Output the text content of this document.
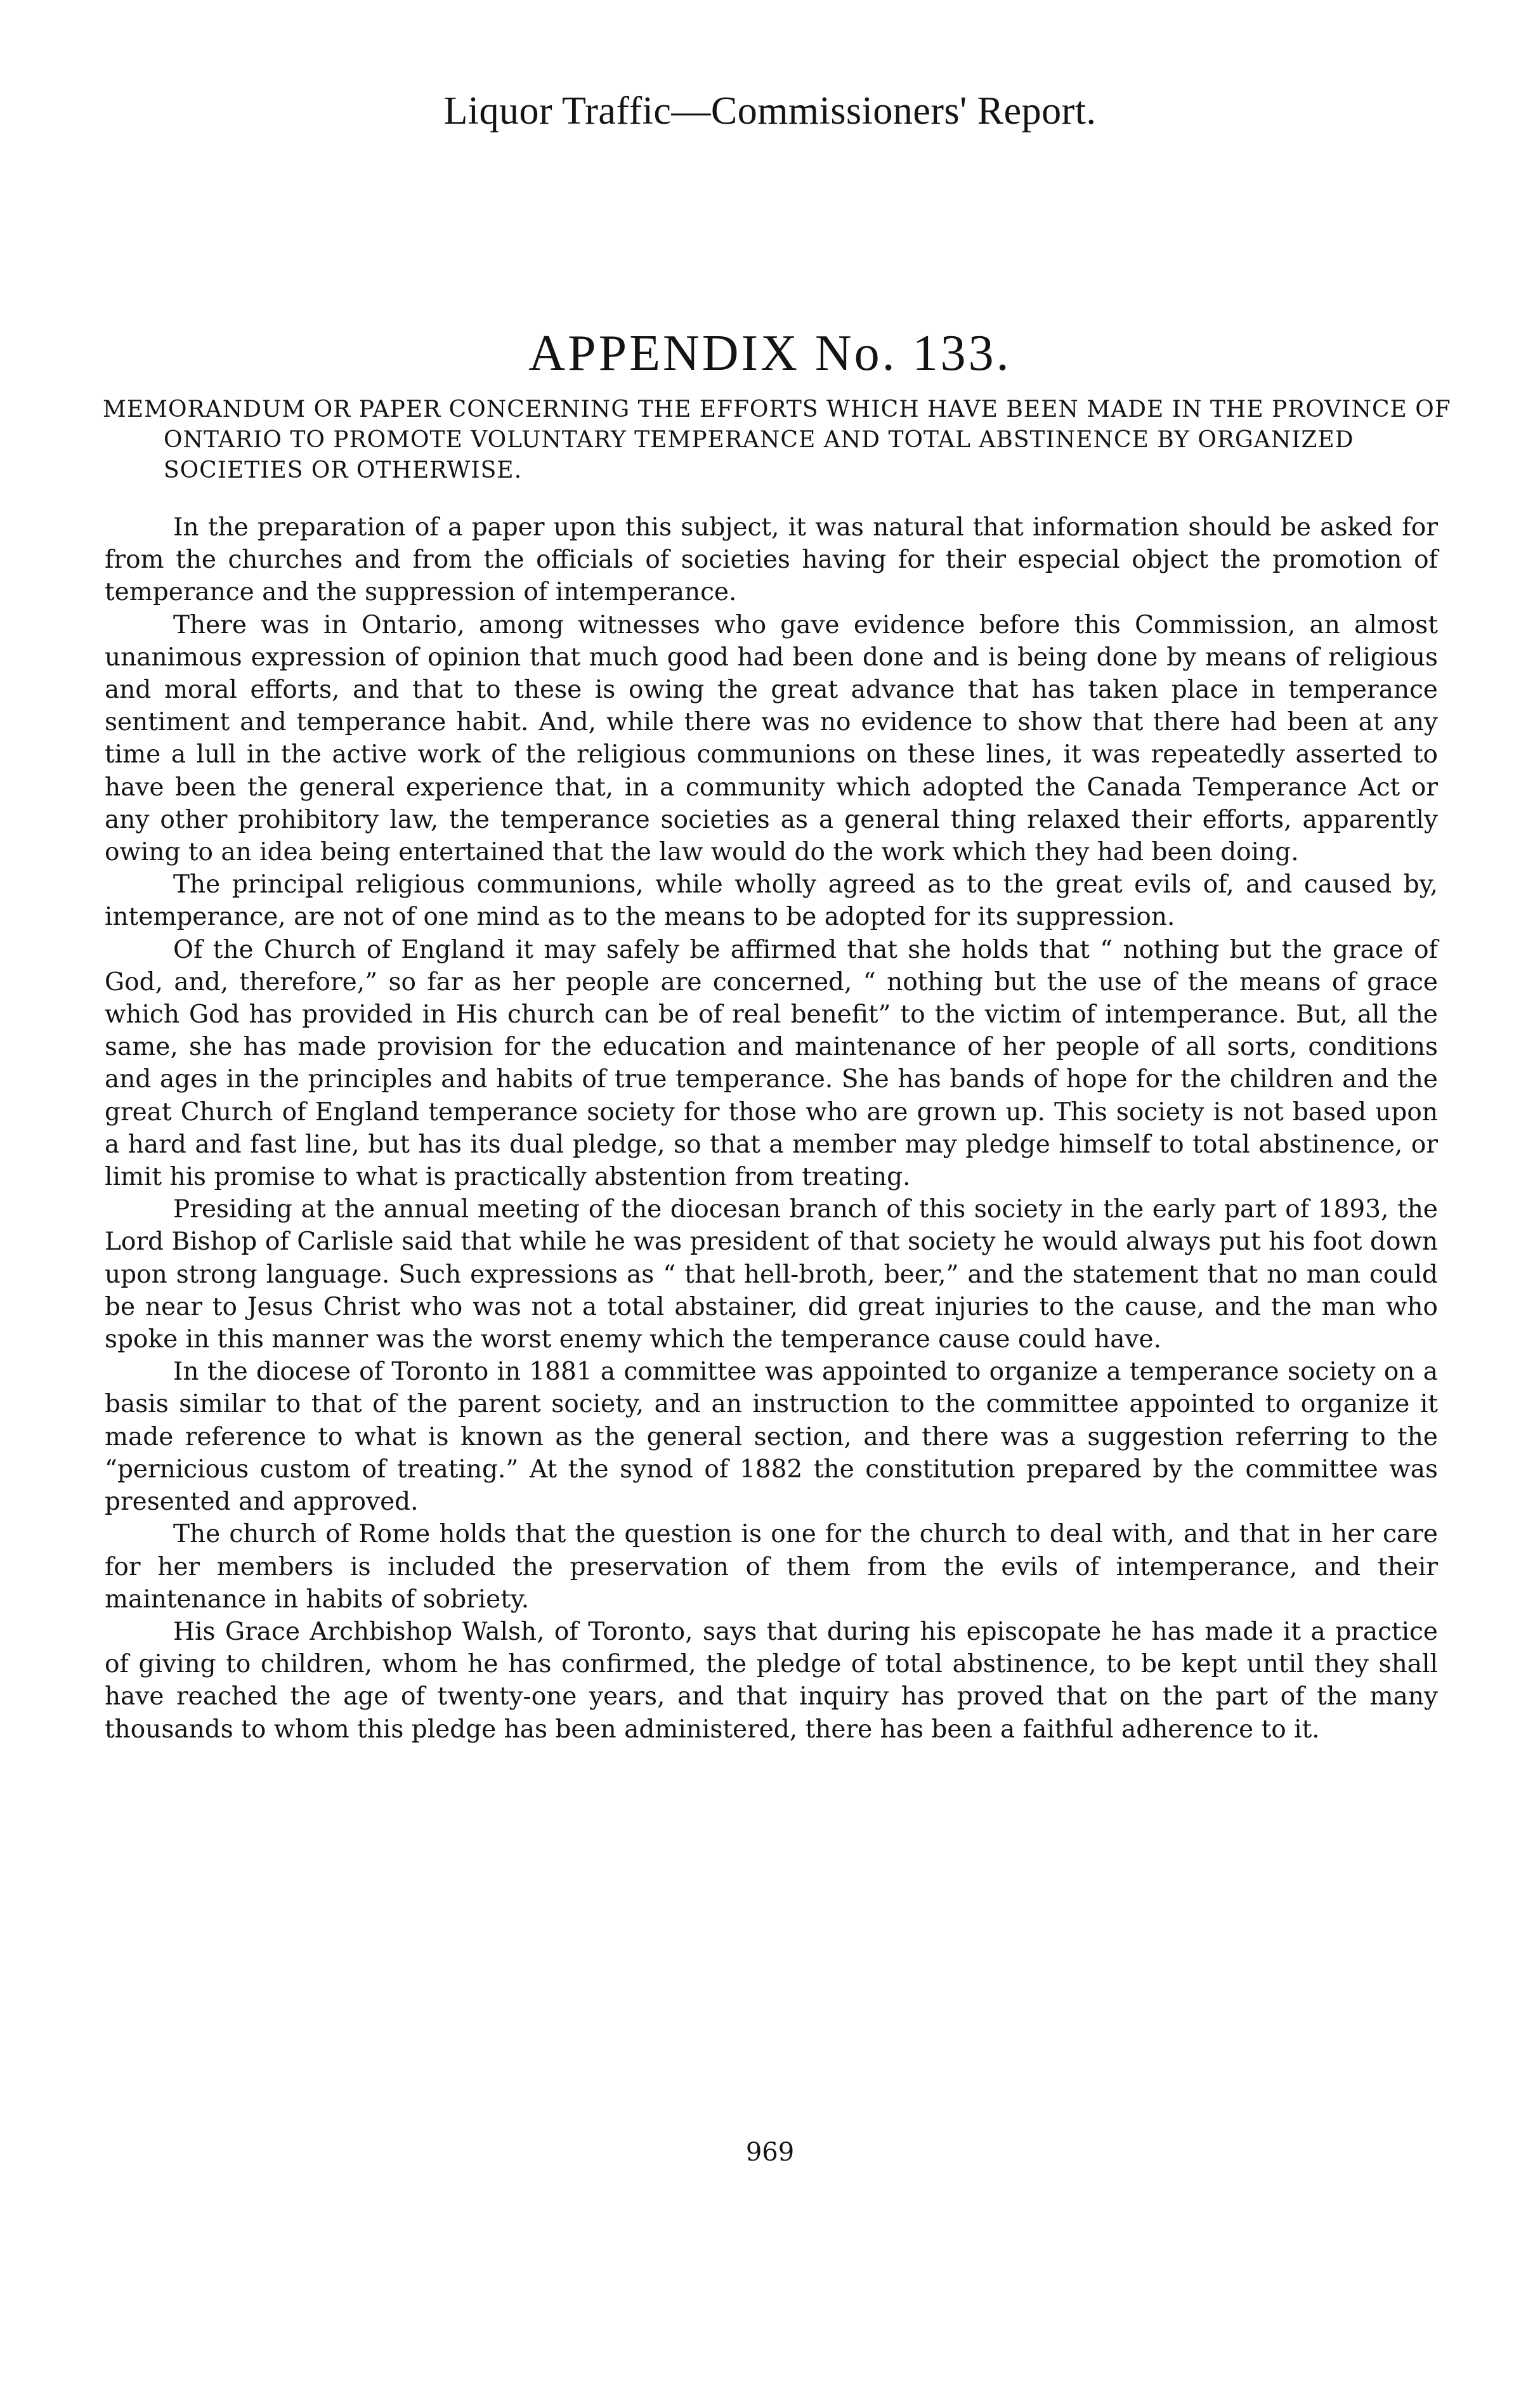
Liquor Traffic—Commissioners' Report.
APPENDIX No. 133.

MEMORANDUM OR PAPER CONCERNING THE EFFORTS WHICH HAVE BEEN MADE IN THE PROVINCE OF ONTARIO TO PROMOTE VOLUNTARY TEMPERANCE AND TOTAL ABSTINENCE BY ORGANIZED SOCIETIES OR OTHERWISE.

In the preparation of a paper upon this subject, it was natural that information should be asked for from the churches and from the officials of societies having for their especial object the promotion of temperance and the suppression of intemperance.

There was in Ontario, among witnesses who gave evidence before this Commission, an almost unanimous expression of opinion that much good had been done and is being done by means of religious and moral efforts, and that to these is owing the great advance that has taken place in temperance sentiment and temperance habit. And, while there was no evidence to show that there had been at any time a lull in the active work of the religious communions on these lines, it was repeatedly asserted to have been the general experience that, in a community which adopted the Canada Temperance Act or any other prohibitory law, the temperance societies as a general thing relaxed their efforts, apparently owing to an idea being entertained that the law would do the work which they had been doing.

The principal religious communions, while wholly agreed as to the great evils of, and caused by, intemperance, are not of one mind as to the means to be adopted for its suppression.

Of the Church of England it may safely be affirmed that she holds that “ nothing but the grace of God, and, therefore,” so far as her people are concerned, “ nothing but the use of the means of grace which God has provided in His church can be of real benefit” to the victim of intemperance. But, all the same, she has made provision for the education and maintenance of her people of all sorts, conditions and ages in the principles and habits of true temperance. She has bands of hope for the children and the great Church of England temperance society for those who are grown up. This society is not based upon a hard and fast line, but has its dual pledge, so that a member may pledge himself to total abstinence, or limit his promise to what is practically abstention from treating.

Presiding at the annual meeting of the diocesan branch of this society in the early part of 1893, the Lord Bishop of Carlisle said that while he was president of that society he would always put his foot down upon strong language. Such expressions as “ that hell-broth, beer,” and the statement that no man could be near to Jesus Christ who was not a total abstainer, did great injuries to the cause, and the man who spoke in this manner was the worst enemy which the temperance cause could have.

In the diocese of Toronto in 1881 a committee was appointed to organize a temperance society on a basis similar to that of the parent society, and an instruction to the committee appointed to organize it made reference to what is known as the general section, and there was a suggestion referring to the “pernicious custom of treating.” At the synod of 1882 the constitution prepared by the committee was presented and approved.

The church of Rome holds that the question is one for the church to deal with, and that in her care for her members is included the preservation of them from the evils of intemperance, and their maintenance in habits of sobriety.

His Grace Archbishop Walsh, of Toronto, says that during his episcopate he has made it a practice of giving to children, whom he has confirmed, the pledge of total abstinence, to be kept until they shall have reached the age of twenty-one years, and that inquiry has proved that on the part of the many thousands to whom this pledge has been administered, there has been a faithful adherence to it.

969
